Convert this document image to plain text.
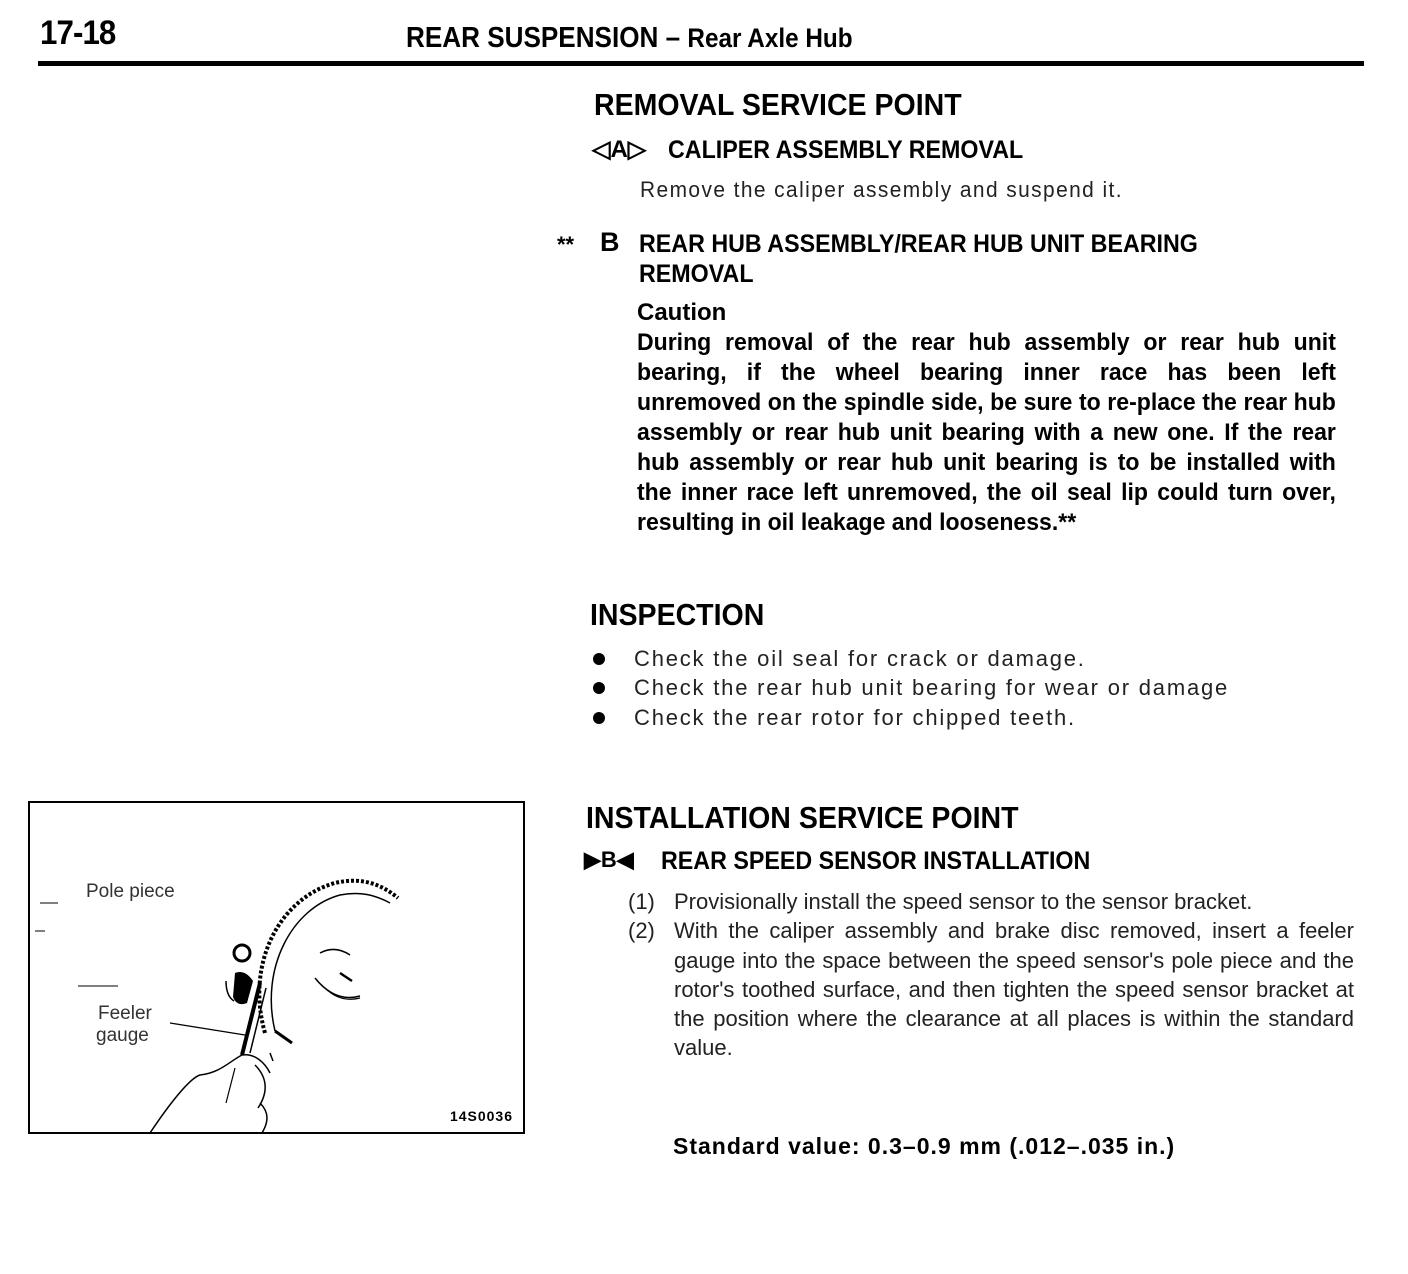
17-18	REAR SUSPENSION – Rear Axle Hub
REMOVAL SERVICE POINT
◁A▷ CALIPER ASSEMBLY REMOVAL
Remove the caliper assembly and suspend it.
** B REAR HUB ASSEMBLY/REAR HUB UNIT BEARING
REMOVAL
Caution
During removal of the rear hub assembly or rear hub unit bearing, if the wheel bearing inner race has been left unremoved on the spindle side, be sure to re-place the rear hub assembly or rear hub unit bearing with a new one. If the rear hub assembly or rear hub unit bearing is to be installed with the inner race left unremoved, the oil seal lip could turn over, resulting in oil leakage and looseness.**
INSPECTION
Check the oil seal for crack or damage.
Check the rear hub unit bearing for wear or damage
Check the rear rotor for chipped teeth.
Pole piece
Feeler
gauge
14S0036
INSTALLATION SERVICE POINT
▶B◀ REAR SPEED SENSOR INSTALLATION
(1) Provisionally install the speed sensor to the sensor bracket.
(2) With the caliper assembly and brake disc removed, insert a feeler gauge into the space between the speed sensor's pole piece and the rotor's toothed surface, and then tighten the speed sensor bracket at the position where the clearance at all places is within the standard value.
Standard value: 0.3–0.9 mm (.012–.035 in.)
